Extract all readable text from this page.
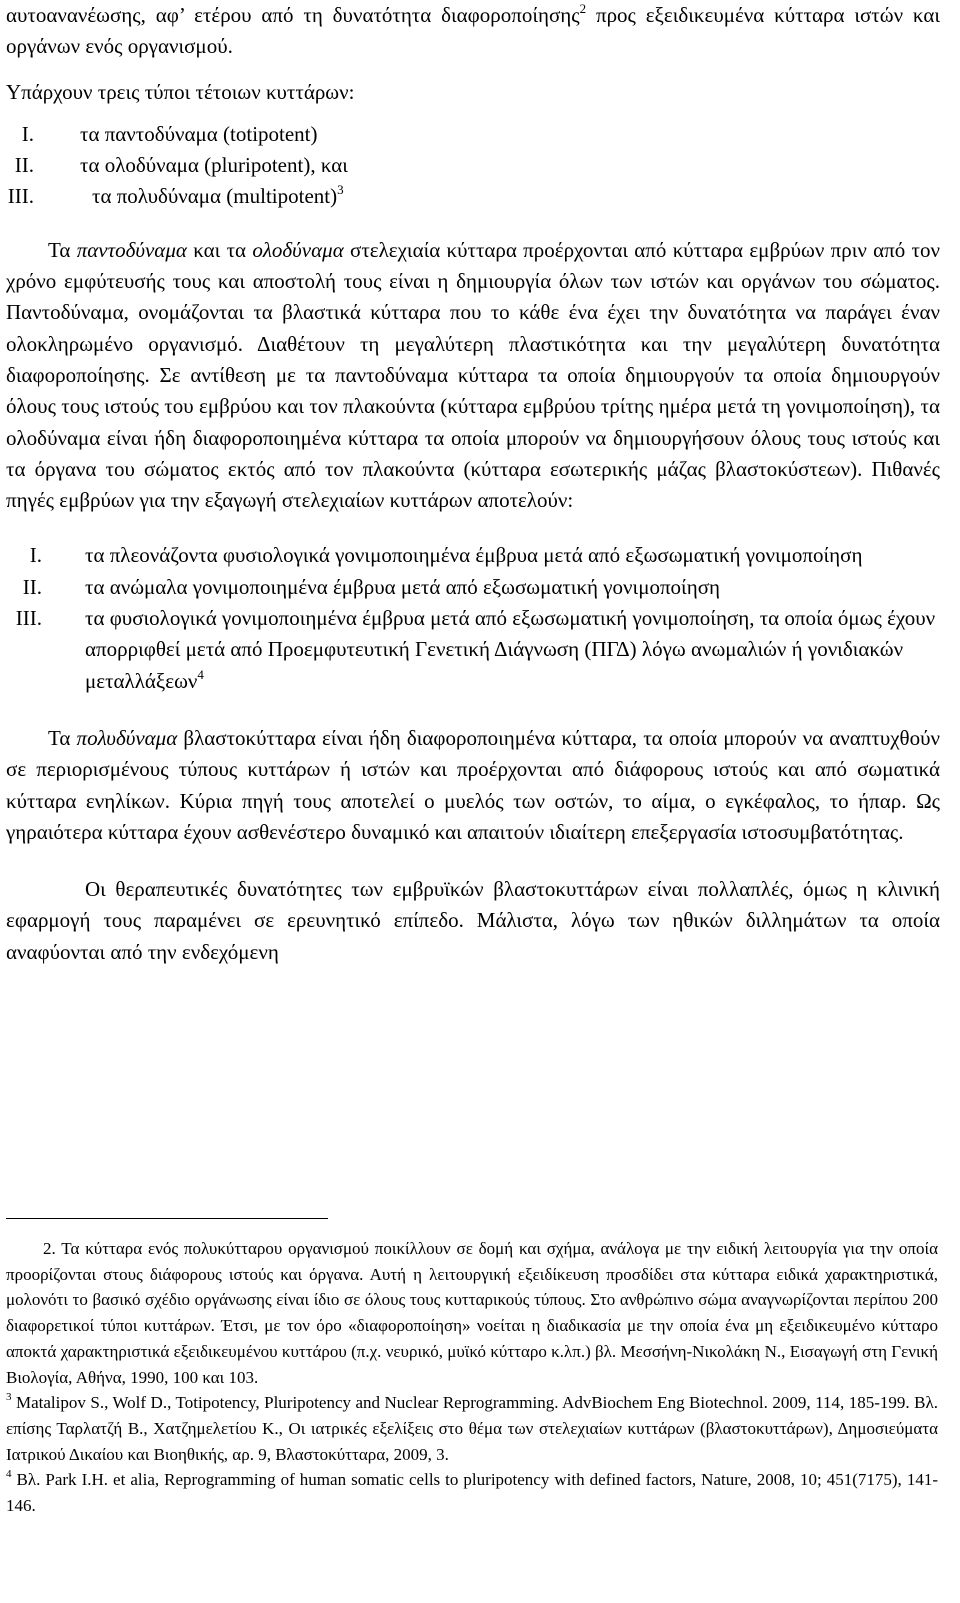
αυτοανανέωσης, αφ’ ετέρου από τη δυνατότητα διαφοροποίησης$^2$ προς εξειδικευμένα κύτταρα ιστών και οργάνων ενός οργανισμού.

Υπάρχουν τρεις τύποι τέτοιων κυττάρων:

I. τα παντοδύναμα (totipotent)
II. τα ολοδύναμα (pluripotent), και
III.	τα πολυδύναμα (multipotent)$^3$

Τα παντοδύναμα και τα ολοδύναμα στελεχιαία κύτταρα προέρχονται από κύτταρα εμβρύων πριν από τον χρόνο εμφύτευσής τους και αποστολή τους είναι η δημιουργία όλων των ιστών και οργάνων του σώματος. Παντοδύναμα, ονομάζονται τα βλαστικά κύτταρα που το κάθε ένα έχει την δυνατότητα να παράγει έναν ολοκληρωμένο οργανισμό. Διαθέτουν τη μεγαλύτερη πλαστικότητα και την μεγαλύτερη δυνατότητα διαφοροποίησης. Σε αντίθεση με τα παντοδύναμα κύτταρα τα οποία δημιουργούν τα οποία δημιουργούν όλους τους ιστούς του εμβρύου και τον πλακούντα (κύτταρα εμβρύου τρίτης ημέρα μετά τη γονιμοποίηση), τα ολοδύναμα είναι ήδη διαφοροποιημένα κύτταρα τα οποία μπορούν να δημιουργήσουν όλους τους ιστούς και τα όργανα του σώματος εκτός από τον πλακούντα (κύτταρα εσωτερικής μάζας βλαστοκύστεων). Πιθανές πηγές εμβρύων για την εξαγωγή στελεχιαίων κυττάρων αποτελούν:

I. τα πλεονάζοντα φυσιολογικά γονιμοποιημένα έμβρυα μετά από εξωσωματική γονιμοποίηση
II. τα ανώμαλα γονιμοποιημένα έμβρυα μετά από εξωσωματική γονιμοποίηση
III. τα φυσιολογικά γονιμοποιημένα έμβρυα μετά από εξωσωματική γονιμοποίηση, τα οποία όμως έχουν απορριφθεί μετά από Προεμφυτευτική Γενετική Διάγνωση (ΠΓΔ) λόγω ανωμαλιών ή γονιδιακών μεταλλάξεων$^4$

Τα πολυδύναμα βλαστοκύτταρα είναι ήδη διαφοροποιημένα κύτταρα, τα οποία μπορούν να αναπτυχθούν σε περιορισμένους τύπους κυττάρων ή ιστών και προέρχονται από διάφορους ιστούς και από σωματικά κύτταρα ενηλίκων. Κύρια πηγή τους αποτελεί ο μυελός των οστών, το αίμα, ο εγκέφαλος, το ήπαρ. Ως γηραιότερα κύτταρα έχουν ασθενέστερο δυναμικό και απαιτούν ιδιαίτερη επεξεργασία ιστοσυμβατότητας.

Οι θεραπευτικές δυνατότητες των εμβρυϊκών βλαστοκυττάρων είναι πολλαπλές, όμως η κλινική εφαρμογή τους παραμένει σε ερευνητικό επίπεδο. Μάλιστα, λόγω των ηθικών διλλημάτων τα οποία αναφύονται από την ενδεχόμενη

2. Τα κύτταρα ενός πολυκύτταρου οργανισμού ποικίλλουν σε δομή και σχήμα, ανάλογα με την ειδική λειτουργία για την οποία προορίζονται στους διάφορους ιστούς και όργανα. Αυτή η λειτουργική εξειδίκευση προσδίδει στα κύτταρα ειδικά χαρακτηριστικά, μολονότι το βασικό σχέδιο οργάνωσης είναι ίδιο σε όλους τους κυτταρικούς τύπους. Στο ανθρώπινο σώμα αναγνωρίζονται περίπου 200 διαφορετικοί τύποι κυττάρων. Έτσι, με τον όρο «διαφοροποίηση» νοείται η διαδικασία με την οποία ένα μη εξειδικευμένο κύτταρο αποκτά χαρακτηριστικά εξειδικευμένου κυττάρου (π.χ. νευρικό, μυϊκό κύτταρο κ.λπ.) βλ. Μεσσήνη-Νικολάκη Ν., Εισαγωγή στη Γενική Βιολογία, Αθήνα, 1990, 100 και 103.

$^3$ Matalipov S., Wolf D., Totipotency, Pluripotency and Nuclear Reprogramming. AdvBiochem Eng Biotechnol. 2009, 114, 185-199. Βλ. επίσης Ταρλατζή Β., Χατζημελετίου Κ., Οι ιατρικές εξελίξεις στο θέμα των στελεχιαίων κυττάρων (βλαστοκυττάρων), Δημοσιεύματα Ιατρικού Δικαίου και Βιοηθικής, αρ. 9, Βλαστοκύτταρα, 2009, 3.

$^4$ Βλ. Park I.H. et alia, Reprogramming of human somatic cells to pluripotency with defined factors, Nature, 2008, 10; 451(7175), 141-146.
